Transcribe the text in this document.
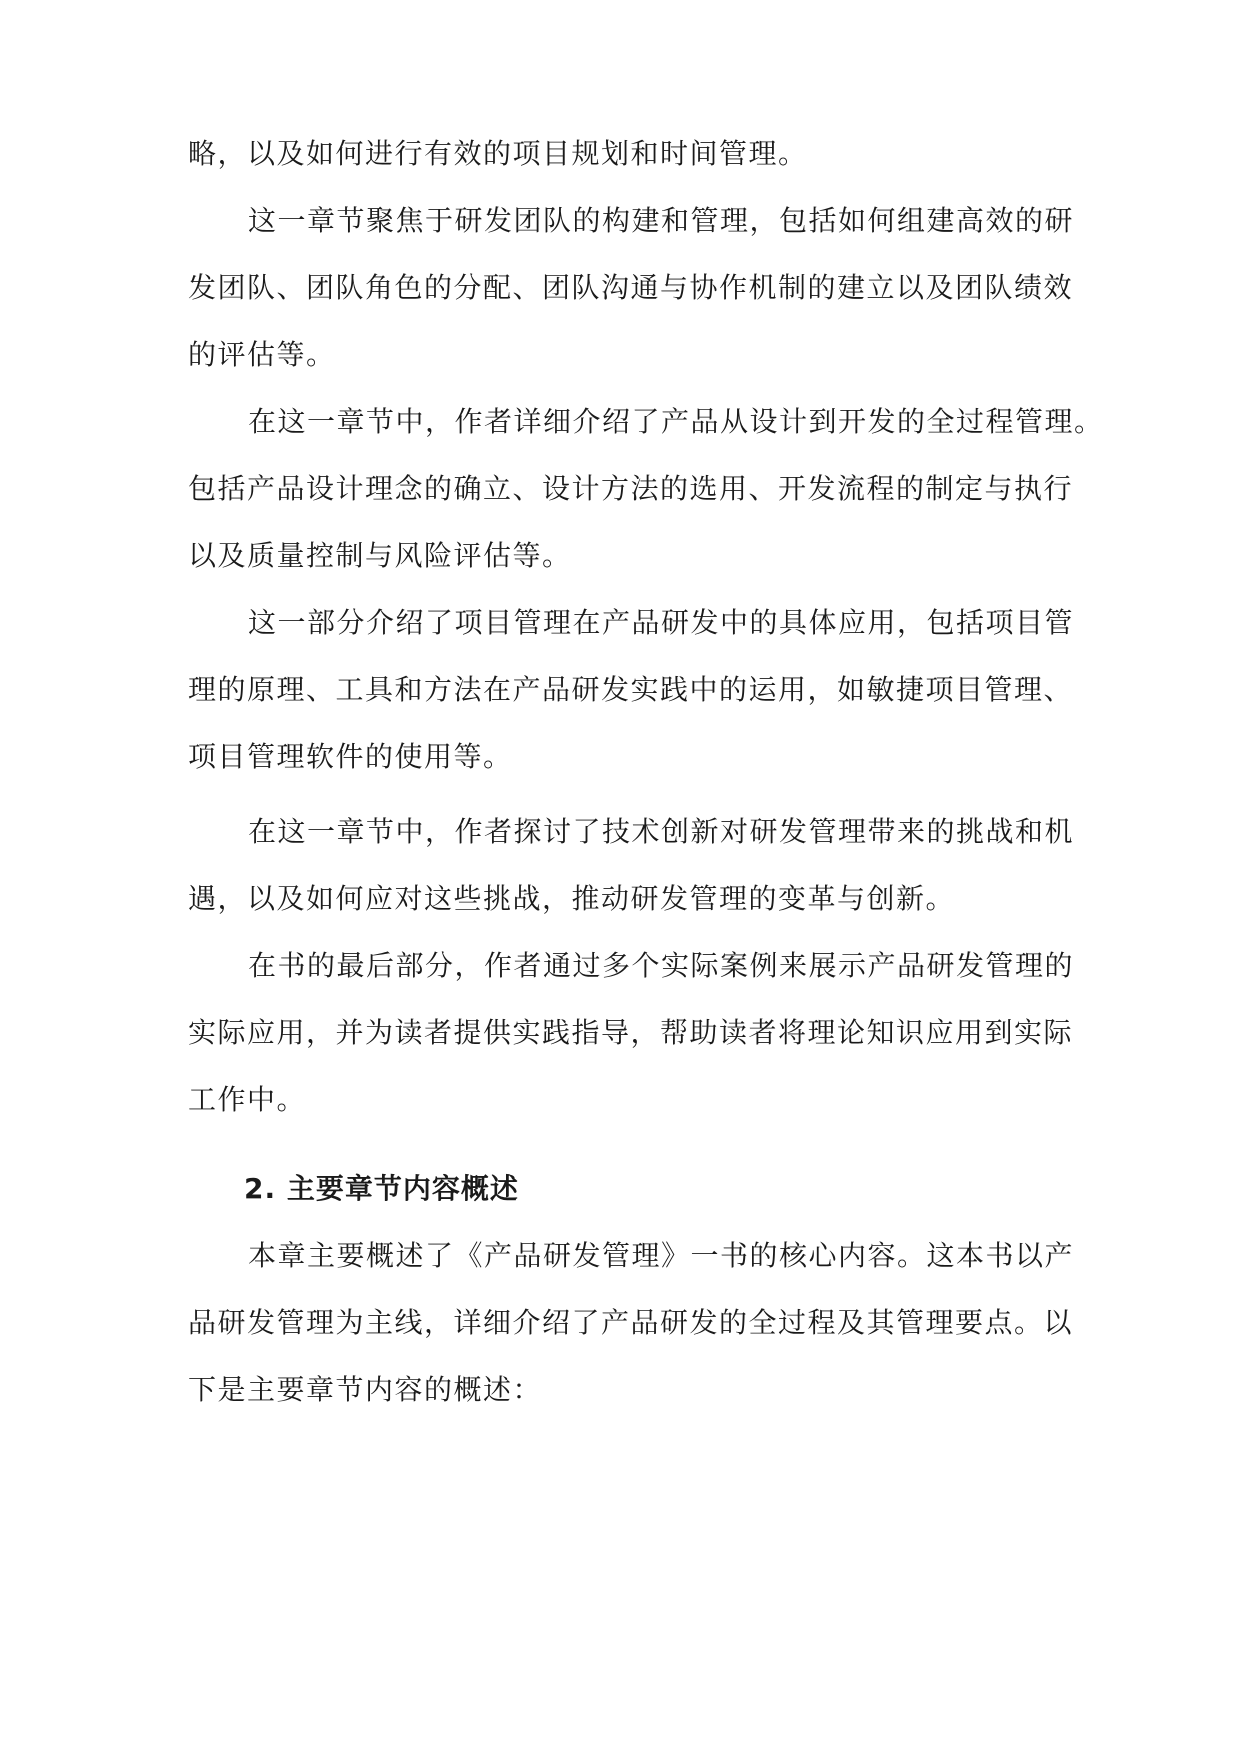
略，以及如何进行有效的项目规划和时间管理。
这一章节聚焦于研发团队的构建和管理，包括如何组建高效的研
发团队、团队角色的分配、团队沟通与协作机制的建立以及团队绩效
的评估等。
在这一章节中，作者详细介绍了产品从设计到开发的全过程管理。
包括产品设计理念的确立、设计方法的选用、开发流程的制定与执行
以及质量控制与风险评估等。
这一部分介绍了项目管理在产品研发中的具体应用，包括项目管
理的原理、工具和方法在产品研发实践中的运用，如敏捷项目管理、
项目管理软件的使用等。
在这一章节中，作者探讨了技术创新对研发管理带来的挑战和机
遇，以及如何应对这些挑战，推动研发管理的变革与创新。
在书的最后部分，作者通过多个实际案例来展示产品研发管理的
实际应用，并为读者提供实践指导，帮助读者将理论知识应用到实际
工作中。
2. 主要章节内容概述
本章主要概述了《产品研发管理》一书的核心内容。这本书以产
品研发管理为主线，详细介绍了产品研发的全过程及其管理要点。以
下是主要章节内容的概述：
